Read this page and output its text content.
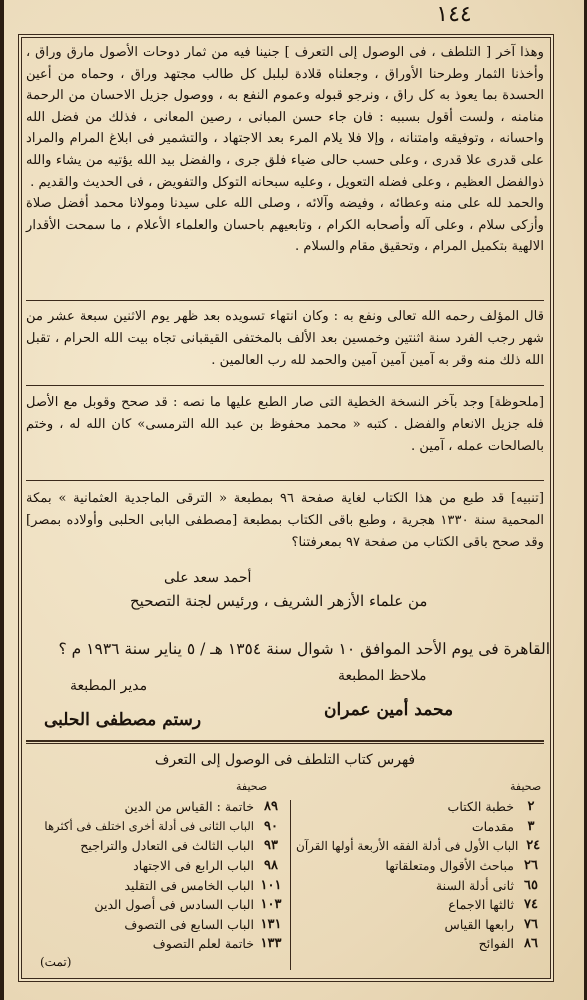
١٤٤

وهذا آخر [ التلطف ، فى الوصول إلى التعرف ] جنينا فيه من ثمار دوحات الأصول مارق وراق ، وأخذنا الثمار وطرحنا الأوراق ، وجعلناه قلادة لبلبل كل طالب مجتهد وراق ، وحماه من أعين الحسدة بما يعوذ به كل راق ، ونرجو قبوله وعموم النفع به ، ووصول جزيل الاحسان من الرحمة منامنه ، ولست أقول بسببه : فان جاء حسن المبانى ، رصين المعانى ، فذلك من فضل الله واحسانه ، وتوفيقه وامتنانه ، وإلا فلا يلام المرء بعد الاجتهاد ، والتشمير فى ابلاغ المرام والمراد على قدرى علا قدرى ، وعلى حسب حالى ضياء فلق جرى ، والفضل بيد الله يؤتيه من يشاء والله ذوالفضل العظيم ، وعلى فضله التعويل ، وعليه سبحانه التوكل والتفويض ، فى الحديث والقديم .

والحمد لله على منه وعطائه ، وفيضه وآلائه ، وصلى الله على سيدنا ومولانا محمد أفضل صلاة وأزكى سلام ، وعلى آله وأصحابه الكرام ، وتابعيهم باحسان والعلماء الأعلام ، ما سمحت الأقدار الالهية بتكميل المرام ، وتحقيق مقام والسلام .

قال المؤلف رحمه الله تعالى ونفع به : وكان انتهاء تسويده بعد ظهر يوم الاثنين سبعة عشر من شهر رجب الفرد سنة اثنتين وخمسين بعد الألف بالمختفى القيقبانى تجاه بيت الله الحرام ، تقبل الله ذلك منه وقر به آمين آمين آمين والحمد لله رب العالمين .
[ملحوظة] وجد بآخر النسخة الخطية التى صار الطبع عليها ما نصه : قد صحح وقوبل مع الأصل فله جزيل الانعام والفضل . كتبه « محمد محفوظ بن عبد الله الترمسى» كان الله له ، وختم بالصالحات عمله ، آمين .
[تنبيه] قد طبع من هذا الكتاب لغاية صفحة ٩٦ بمطبعة « الترقى الماجدية العثمانية » بمكة المحمية سنة ١٣٣٠ هجرية ، وطبع باقى الكتاب بمطبعة [مصطفى البابى الحلبى وأولاده بمصر] وقد صحح باقى الكتاب من صفحة ٩٧ بمعرفتنا؟
أحمد سعد على
من علماء الأزهر الشريف ، ورئيس لجنة التصحيح
القاهرة فى يوم الأحد الموافق ١٠ شوال سنة ١٣٥٤ هـ / ٥ يناير سنة ١٩٣٦ م ؟
ملاحظ المطبعة
مدير المطبعة
محمد أمين عمران
رستم مصطفى الحلبى
فهرس كتاب التلطف فى الوصول إلى التعرف
صحيفة
صحيفة
٢
خطبة الكتاب
٣
مقدمات
٢٤
الباب الأول فى أدلة الفقه الأربعة أولها القرآن
٢٦
مباحث الأقوال ومتعلقاتها
٦٥
ثانى أدلة السنة
٧٤
ثالثها الاجماع
٧٦
رابعها القياس
٨٦
الفوائح
٨٩
خاتمة : القياس من الدين
٩٠
الباب الثانى فى أدلة أخرى اختلف فى أكثرها
٩٣
الباب الثالث فى التعادل والتراجيح
٩٨
الباب الرابع فى الاجتهاد
١٠١
الباب الخامس فى التقليد
١٠٣
الباب السادس فى أصول الدين
١٣١
الباب السابع فى التصوف
١٣٣
خاتمة لعلم التصوف
(تمت)
